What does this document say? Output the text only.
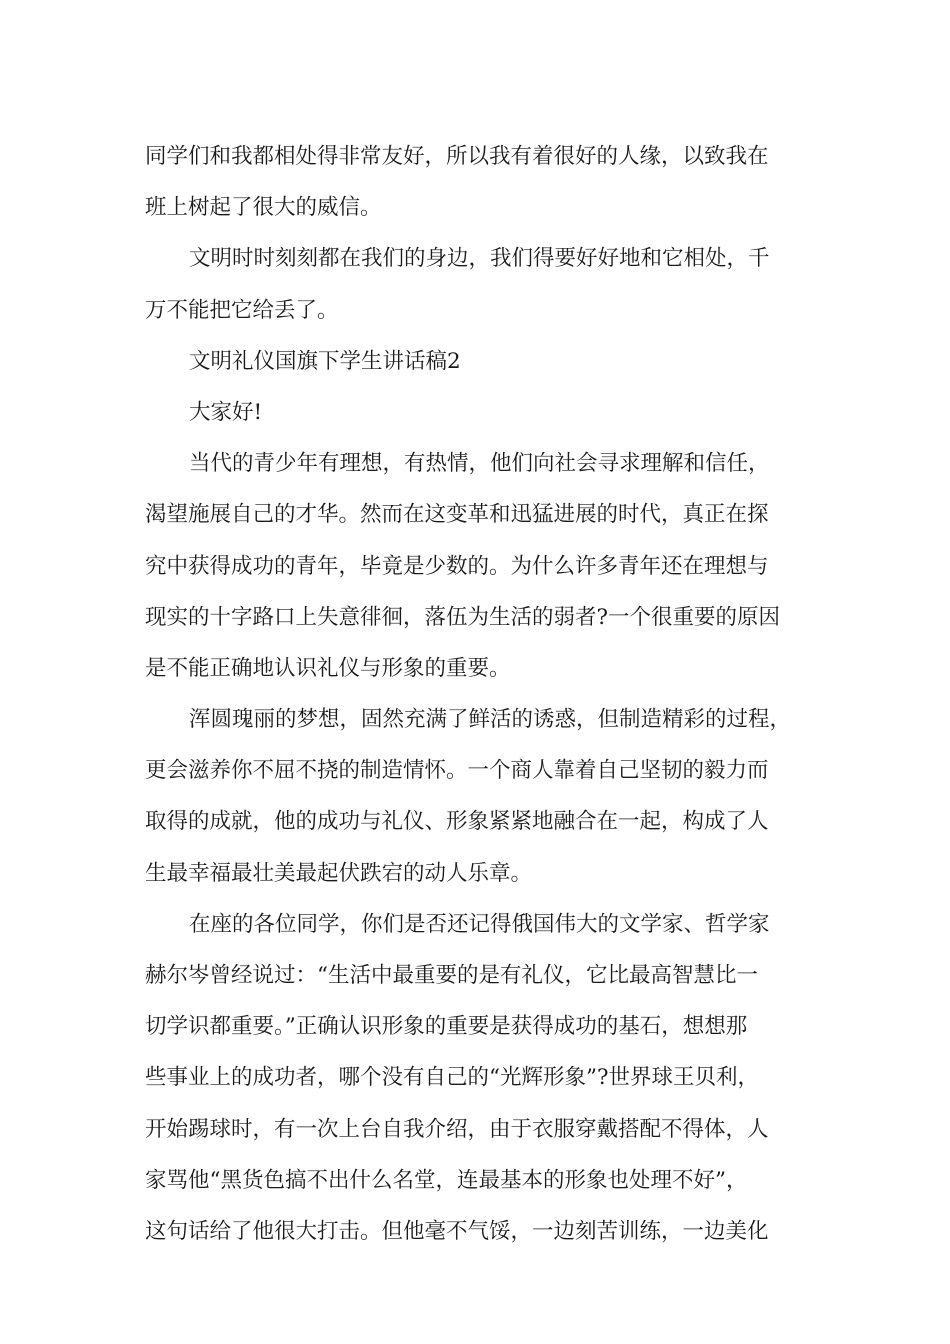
同学们和我都相处得非常友好，所以我有着很好的人缘，以致我在
班上树起了很大的威信。
文明时时刻刻都在我们的身边，我们得要好好地和它相处，千
万不能把它给丢了。
文明礼仪国旗下学生讲话稿2
大家好!
当代的青少年有理想，有热情，他们向社会寻求理解和信任，
渴望施展自己的才华。然而在这变革和迅猛进展的时代，真正在探
究中获得成功的青年，毕竟是少数的。为什么许多青年还在理想与
现实的十字路口上失意徘徊，落伍为生活的弱者?一个很重要的原因
是不能正确地认识礼仪与形象的重要。
浑圆瑰丽的梦想，固然充满了鲜活的诱惑，但制造精彩的过程，
更会滋养你不屈不挠的制造情怀。一个商人靠着自己坚韧的毅力而
取得的成就，他的成功与礼仪、形象紧紧地融合在一起，构成了人
生最幸福最壮美最起伏跌宕的动人乐章。
在座的各位同学，你们是否还记得俄国伟大的文学家、哲学家
赫尔岑曾经说过：“生活中最重要的是有礼仪，它比最高智慧比一
切学识都重要。”正确认识形象的重要是获得成功的基石，想想那
些事业上的成功者，哪个没有自己的“光辉形象”?世界球王贝利，
开始踢球时，有一次上台自我介绍，由于衣服穿戴搭配不得体，人
家骂他“黑货色搞不出什么名堂，连最基本的形象也处理不好”，
这句话给了他很大打击。但他毫不气馁，一边刻苦训练，一边美化
